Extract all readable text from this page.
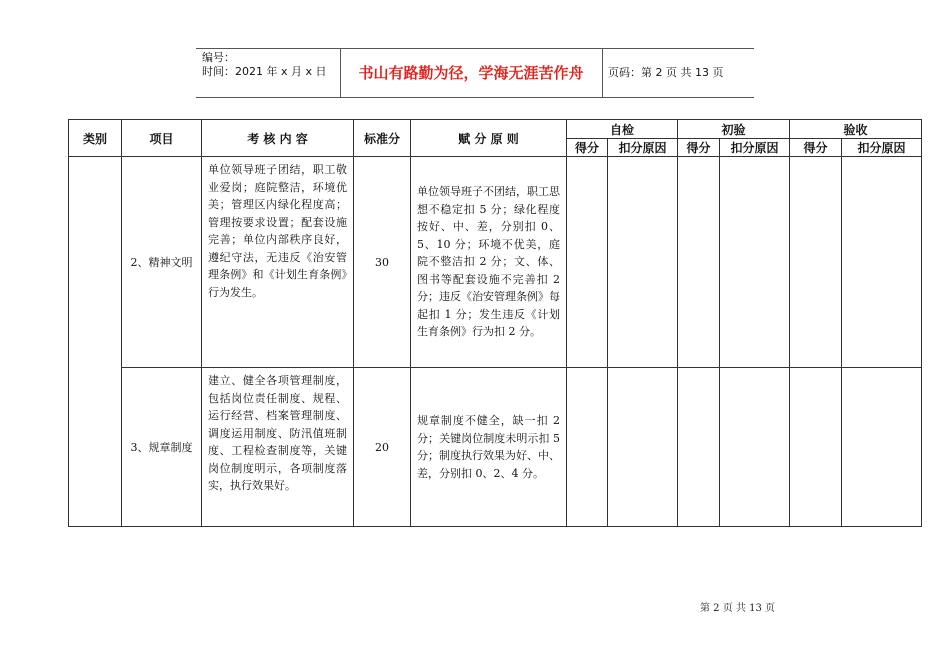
编号：
时间：2021 年 x 月 x 日	书山有路勤为径，学海无涯苦作舟	页码：第 2 页 共 13 页
类别	项目	考 核 内 容	标准分	赋 分 原 则	自检		初验		验收	
					得分	扣分原因	得分	扣分原因	得分	扣分原因
	2、精神文明	单位领导班子团结，职工敬业爱岗；庭院整洁，环境优美；管理区内绿化程度高；管理按要求设置；配套设施完善；单位内部秩序良好，遵纪守法，无违反《治安管理条例》和《计划生育条例》行为发生。	30	单位领导班子不团结，职工思想不稳定扣 5 分；绿化程度按好、中、差，分别扣 0、5、10 分；环境不优美，庭院不整洁扣 2 分；文、体、图书等配套设施不完善扣 2 分；违反《治安管理条例》每起扣 1 分；发生违反《计划生育条例》行为扣 2 分。						
	3、规章制度	建立、健全各项管理制度，包括岗位责任制度、规程、运行经营、档案管理制度、调度运用制度、防汛值班制度、工程检查制度等，关键岗位制度明示，各项制度落实，执行效果好。	20	规章制度不健全，缺一扣 2 分；关键岗位制度未明示扣 5 分；制度执行效果为好、中、差，分别扣 0、2、4 分。						
第 2 页 共 13 页
